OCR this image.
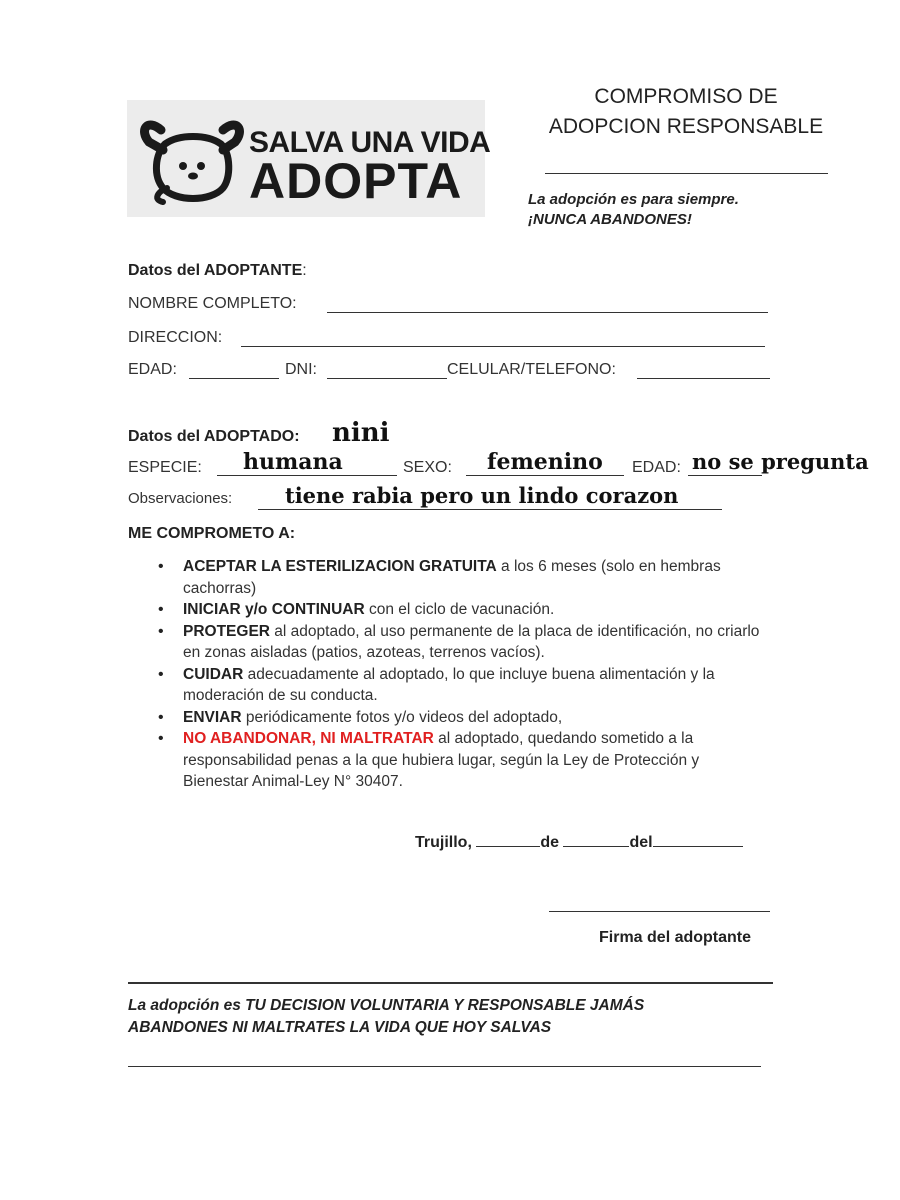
SALVA UNA VIDA
ADOPTA
COMPROMISO DE
ADOPCION RESPONSABLE
La adopción es para siempre.
¡NUNCA ABANDONES!
Datos del ADOPTANTE:
NOMBRE COMPLETO:
DIRECCION:
EDAD:	DNI:	CELULAR/TELEFONO:
Datos del ADOPTADO: nini
ESPECIE: humana	SEXO: femenino EDAD: no se pregunta
Observaciones:	tiene rabia pero un lindo corazon
ME COMPROMETO A:
• ACEPTAR LA ESTERILIZACION GRATUITA a los 6 meses (solo en hembras cachorras)
• INICIAR y/o CONTINUAR con el ciclo de vacunación.
• PROTEGER al adoptado, al uso permanente de la placa de identificación, no criarlo en zonas aisladas (patios, azoteas, terrenos vacíos).
• CUIDAR adecuadamente al adoptado, lo que incluye buena alimentación y la moderación de su conducta.
• ENVIAR periódicamente fotos y/o videos del adoptado,
• NO ABANDONAR, NI MALTRATAR al adoptado, quedando sometido a la responsabilidad penas a la que hubiera lugar, según la Ley de Protección y Bienestar Animal-Ley N° 30407.
Trujillo,	de	del
Firma del adoptante
La adopción es TU DECISION VOLUNTARIA Y RESPONSABLE JAMÁS
ABANDONES NI MALTRATES LA VIDA QUE HOY SALVAS
